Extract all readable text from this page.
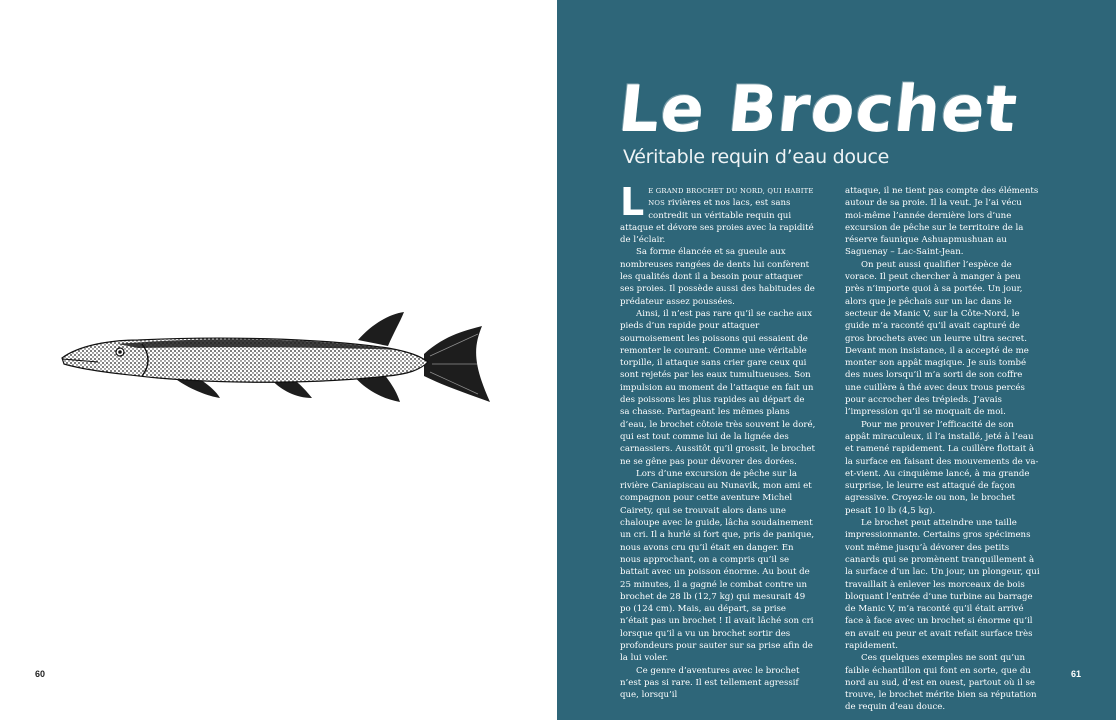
60
Le Brochet
Véritable requin d’eau douce

LE GRAND BROCHET DU NORD, QUI HABITE NOS rivières et nos lacs, est sans contredit un véritable requin qui attaque et dévore ses proies avec la rapidité de l’éclair.

Sa forme élancée et sa gueule aux nombreuses rangées de dents lui confèrent les qualités dont il a besoin pour attaquer ses proies. Il possède aussi des habitudes de prédateur assez poussées.

Ainsi, il n’est pas rare qu’il se cache aux pieds d’un rapide pour attaquer sournoisement les poissons qui essaient de remonter le courant. Comme une véritable torpille, il attaque sans crier gare ceux qui sont rejetés par les eaux tumultueuses. Son impulsion au moment de l’attaque en fait un des poissons les plus rapides au départ de sa chasse. Partageant les mêmes plans d’eau, le brochet côtoie très souvent le doré, qui est tout comme lui de la lignée des carnassiers. Aussitôt qu’il grossit, le brochet ne se gêne pas pour dévorer des dorées.

Lors d’une excursion de pêche sur la rivière Caniapiscau au Nunavik, mon ami et compagnon pour cette aventure Michel Cairety, qui se trouvait alors dans une chaloupe avec le guide, lâcha soudainement un cri. Il a hurlé si fort que, pris de panique, nous avons cru qu’il était en danger. En nous approchant, on a compris qu’il se battait avec un poisson énorme. Au bout de 25 minutes, il a gagné le combat contre un brochet de 28 lb (12,7 kg) qui mesurait 49 po (124 cm). Mais, au départ, sa prise n’était pas un brochet ! Il avait lâché son cri lorsque qu’il a vu un brochet sortir des profondeurs pour sauter sur sa prise afin de la lui voler.

Ce genre d’aventures avec le brochet n’est pas si rare. Il est tellement agressif que, lorsqu’il

attaque, il ne tient pas compte des éléments autour de sa proie. Il la veut. Je l’ai vécu moi-même l’année dernière lors d’une excursion de pêche sur le territoire de la réserve faunique Ashuapmushuan au Saguenay – Lac-Saint-Jean.

On peut aussi qualifier l’espèce de vorace. Il peut chercher à manger à peu près n’importe quoi à sa portée. Un jour, alors que je pêchais sur un lac dans le secteur de Manic V, sur la Côte-Nord, le guide m’a raconté qu’il avait capturé de gros brochets avec un leurre ultra secret. Devant mon insistance, il a accepté de me monter son appât magique. Je suis tombé des nues lorsqu’il m’a sorti de son coffre une cuillère à thé avec deux trous percés pour accrocher des trépieds. J’avais l’impression qu’il se moquait de moi.

Pour me prouver l’efficacité de son appât miraculeux, il l’a installé, jeté à l’eau et ramené rapidement. La cuillère flottait à la surface en faisant des mouvements de va-et-vient. Au cinquième lancé, à ma grande surprise, le leurre est attaqué de façon agressive. Croyez-le ou non, le brochet pesait 10 lb (4,5 kg).

Le brochet peut atteindre une taille impressionnante. Certains gros spécimens vont même jusqu’à dévorer des petits canards qui se promènent tranquillement à la surface d’un lac. Un jour, un plongeur, qui travaillait à enlever les morceaux de bois bloquant l’entrée d’une turbine au barrage de Manic V, m’a raconté qu’il était arrivé face à face avec un brochet si énorme qu’il en avait eu peur et avait refait surface très rapidement.

Ces quelques exemples ne sont qu’un faible échantillon qui font en sorte, que du nord au sud, d’est en ouest, partout où il se trouve, le brochet mérite bien sa réputation de requin d’eau douce.

61
